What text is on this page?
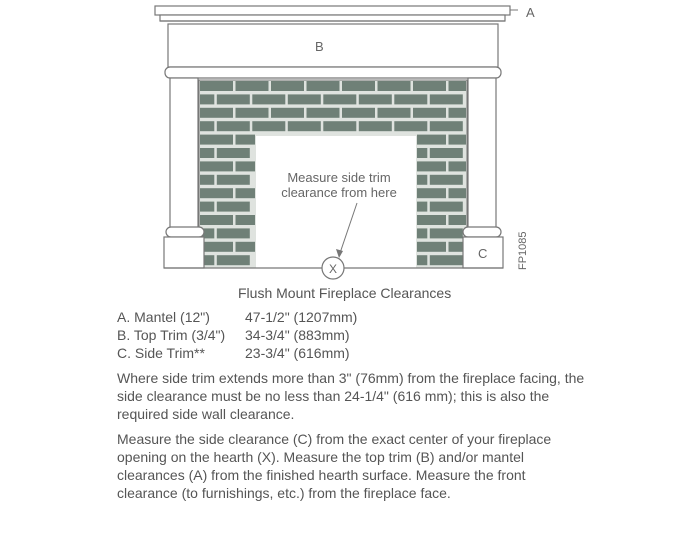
A
B
C
Measure side trim
clearance from here
X	FP1085
Flush Mount Fireplace Clearances
A. Mantel (12")	47-1/2" (1207mm)
B. Top Trim (3/4") 34-3/4" (883mm)
C. Side Trim**	23-3/4" (616mm)
Where side trim extends more than 3" (76mm) from the fireplace facing, the side clearance must be no less than 24-1/4" (616 mm); this is also the required side wall clearance.
Measure the side clearance (C) from the exact center of your fireplace opening on the hearth (X). Measure the top trim (B) and/or mantel clearances (A) from the finished hearth surface. Measure the front clearance (to furnishings, etc.) from the fireplace face.
